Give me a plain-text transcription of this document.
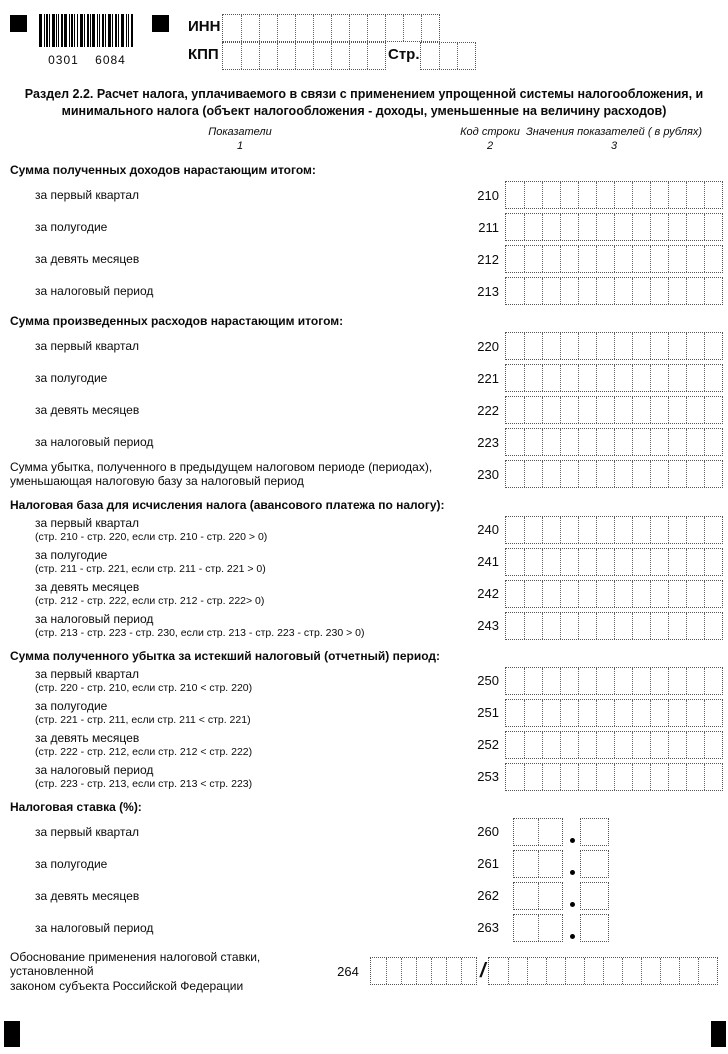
0301 6084
ИНН
КПП	Стр.
Раздел 2.2. Расчет налога, уплачиваемого в связи с применением упрощенной системы налогообложения, и
минимального налога (объект налогообложения - доходы, уменьшенные на величину расходов)
Показатели
1
Код строки
2
Значения показателей ( в рублях)
3
Сумма полученных доходов нарастающим итогом:
за первый квартал	210
за полугодие	211
за девять месяцев	212
за налоговый период	213
Сумма произведенных расходов нарастающим итогом:
за первый квартал	220
за полугодие	221
за девять месяцев	222
за налоговый период	223
Сумма убытка, полученного в предыдущем налоговом периоде (периодах),
уменьшающая налоговую базу за налоговый период	230
Налоговая база для исчисления налога (авансового платежа по налогу):
за первый квартал
(стр. 210 - стр. 220, если стр. 210 - стр. 220 > 0)	240
за полугодие
(стр. 211 - стр. 221, если стр. 211 - стр. 221 > 0)	241
за девять месяцев
(стр. 212 - стр. 222, если стр. 212 - стр. 222> 0)	242
за налоговый период
(стр. 213 - стр. 223 - стр. 230, если стр. 213 - стр. 223 - стр. 230 > 0)	243
Сумма полученного убытка за истекший налоговый (отчетный) период:
за первый квартал
(стр. 220 - стр. 210, если стр. 210 < стр. 220)	250
за полугодие
(стр. 221 - стр. 211, если стр. 211 < стр. 221)	251
за девять месяцев
(стр. 222 - стр. 212, если стр. 212 < стр. 222)	252
за налоговый период
(стр. 223 - стр. 213, если стр. 213 < стр. 223)	253
Налоговая ставка (%):
за первый квартал	260
за полугодие	261
за девять месяцев	262
за налоговый период	263
Обоснование применения налоговой ставки, установленной
законом субъекта Российской Федерации
264	/
